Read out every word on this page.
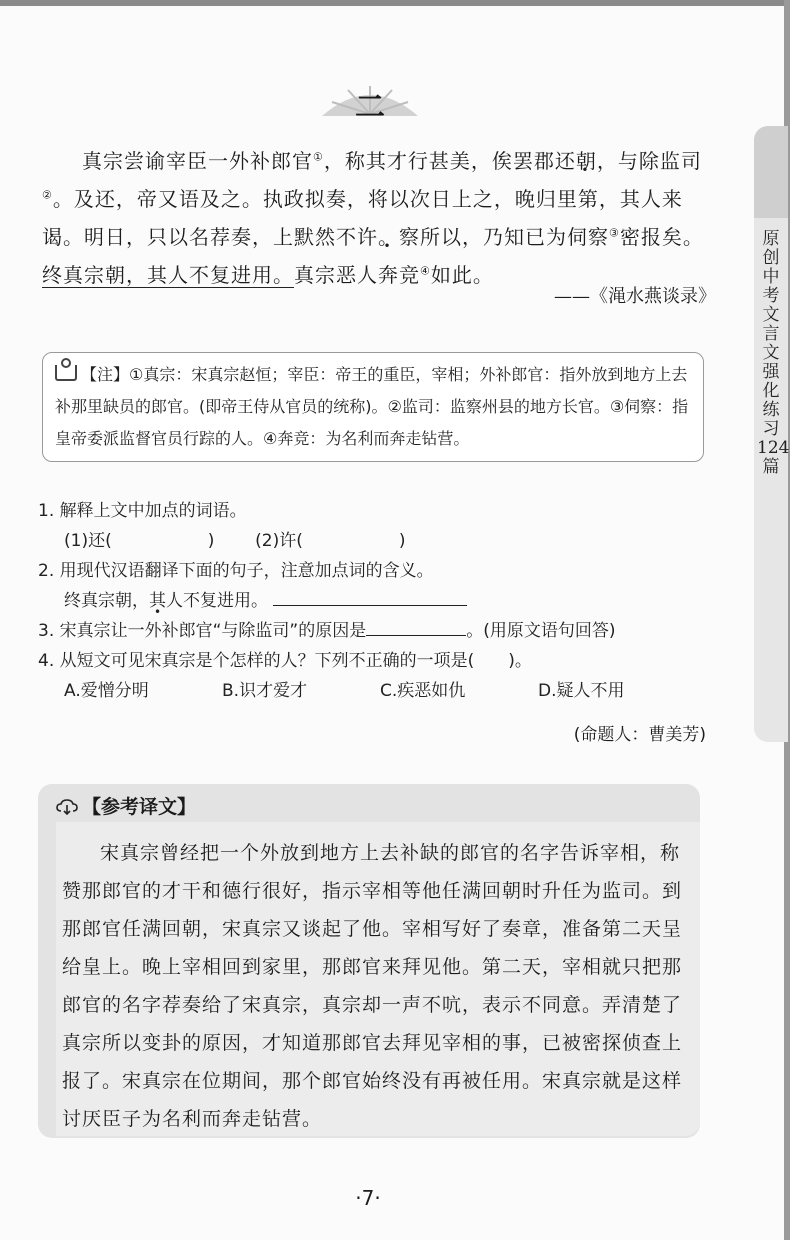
二
原创中考文言文强化练习124篇
真宗尝谕宰臣一外补郎官①，称其才行甚美，俟罢郡还朝，与除监司②。及还，帝又语及之。执政拟奏，将以次日上之，晚归里第，其人来谒。明日，只以名荐奏，上默然不许。察所以，乃知已为伺察③密报矣。终真宗朝，其人不复进用。真宗恶人奔竞④如此。
——《渑水燕谈录》
【注】①真宗：宋真宗赵恒；宰臣：帝王的重臣，宰相；外补郎官：指外放到地方上去补那里缺员的郎官。(即帝王侍从官员的统称)。②监司：监察州县的地方长官。③伺察：指皇帝委派监督官员行踪的人。④奔竞：为名利而奔走钻营。
1. 解释上文中加点的词语。
(1)还(	) (2)许(	)
2. 用现代汉语翻译下面的句子，注意加点词的含义。
终真宗朝，其人不复进用。
3. 宋真宗让一外补郎官“与除监司”的原因是	。(用原文语句回答)
4. 从短文可见宋真宗是个怎样的人？下列不正确的一项是(　　)。
A.爱憎分明	B.识才爱才	C.疾恶如仇	D.疑人不用
(命题人：曹美芳)
【参考译文】
宋真宗曾经把一个外放到地方上去补缺的郎官的名字告诉宰相，称赞那郎官的才干和德行很好，指示宰相等他任满回朝时升任为监司。到那郎官任满回朝，宋真宗又谈起了他。宰相写好了奏章，准备第二天呈给皇上。晚上宰相回到家里，那郎官来拜见他。第二天，宰相就只把那郎官的名字荐奏给了宋真宗，真宗却一声不吭，表示不同意。弄清楚了真宗所以变卦的原因，才知道那郎官去拜见宰相的事，已被密探侦查上报了。宋真宗在位期间，那个郎官始终没有再被任用。宋真宗就是这样讨厌臣子为名利而奔走钻营。
·7·
